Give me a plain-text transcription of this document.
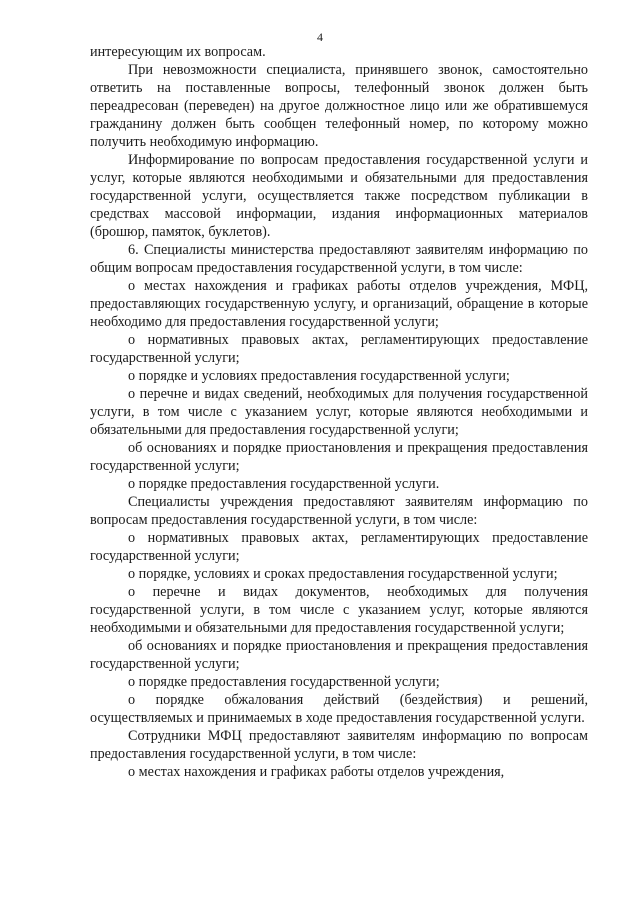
4

интересующим их вопросам.

При невозможности специалиста, принявшего звонок, самостоятельно ответить на поставленные вопросы, телефонный звонок должен быть переадресован (переведен) на другое должностное лицо или же обратившемуся гражданину должен быть сообщен телефонный номер, по которому можно получить необходимую информацию.

Информирование по вопросам предоставления государственной услуги и услуг, которые являются необходимыми и обязательными для предоставления государственной услуги, осуществляется также посредством публикации в средствах массовой информации, издания информационных материалов (брошюр, памяток, буклетов).

6. Специалисты министерства предоставляют заявителям информацию по общим вопросам предоставления государственной услуги, в том числе:

о местах нахождения и графиках работы отделов учреждения, МФЦ, предоставляющих государственную услугу, и организаций, обращение в которые необходимо для предоставления государственной услуги;

о нормативных правовых актах, регламентирующих предоставление государственной услуги;

о порядке и условиях предоставления государственной услуги;

о перечне и видах сведений, необходимых для получения государственной услуги, в том числе с указанием услуг, которые являются необходимыми и обязательными для предоставления государственной услуги;

об основаниях и порядке приостановления и прекращения предоставления государственной услуги;

о порядке предоставления государственной услуги.

Специалисты учреждения предоставляют заявителям информацию по вопросам предоставления государственной услуги, в том числе:

о нормативных правовых актах, регламентирующих предоставление государственной услуги;

о порядке, условиях и сроках предоставления государственной услуги;

о перечне и видах документов, необходимых для получения государственной услуги, в том числе с указанием услуг, которые являются необходимыми и обязательными для предоставления государственной услуги;

об основаниях и порядке приостановления и прекращения предоставления государственной услуги;

о порядке предоставления государственной услуги;

о порядке обжалования действий (бездействия) и решений, осуществляемых и принимаемых в ходе предоставления государственной услуги.

Сотрудники МФЦ предоставляют заявителям информацию по вопросам предоставления государственной услуги, в том числе:

о местах нахождения и графиках работы отделов учреждения,
